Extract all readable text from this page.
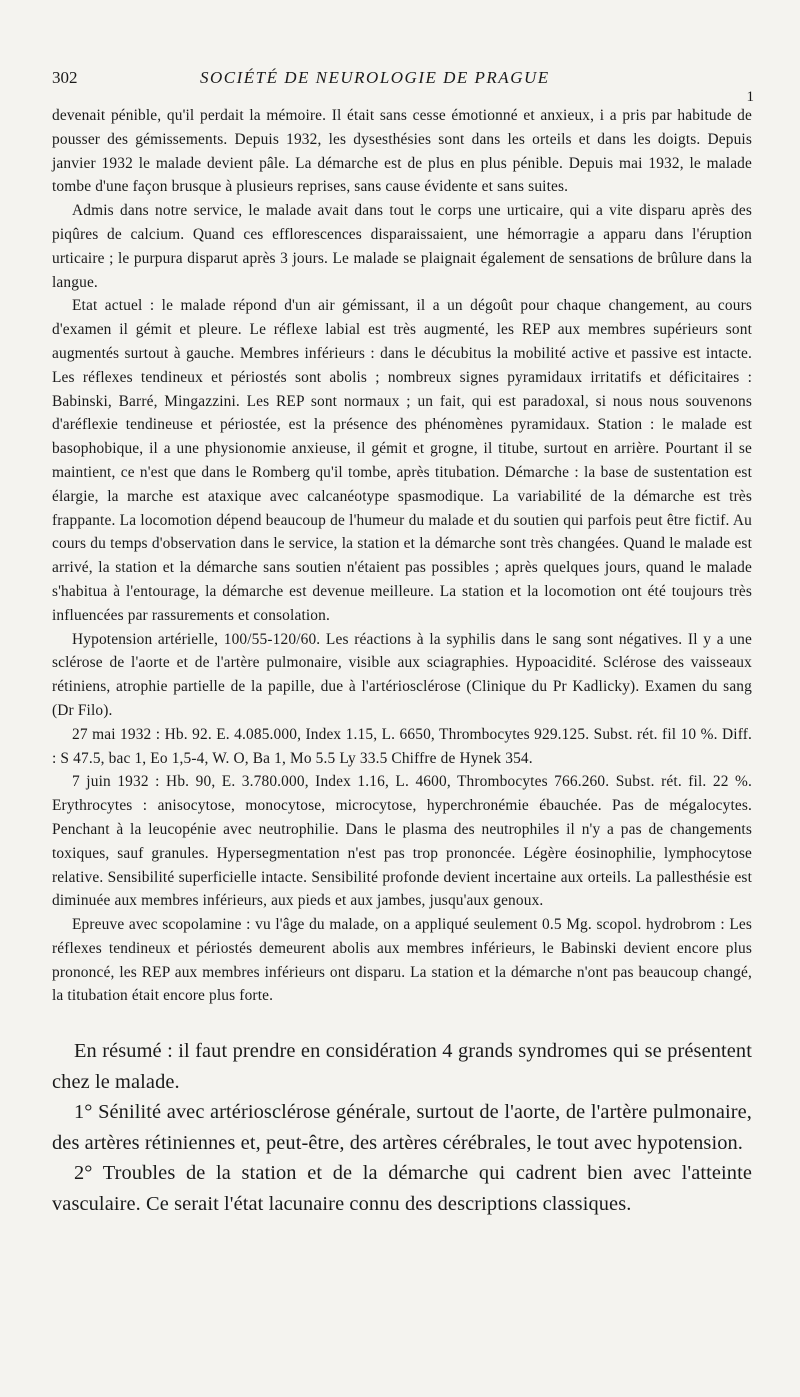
302	SOCIÉTÉ DE NEUROLOGIE DE PRAGUE
1

devenait pénible, qu'il perdait la mémoire. Il était sans cesse émotionné et anxieux, i a pris par habitude de pousser des gémissements. Depuis 1932, les dysesthésies sont dans les orteils et dans les doigts. Depuis janvier 1932 le malade devient pâle. La démarche est de plus en plus pénible. Depuis mai 1932, le malade tombe d'une façon brusque à plusieurs reprises, sans cause évidente et sans suites.

Admis dans notre service, le malade avait dans tout le corps une urticaire, qui a vite disparu après des piqûres de calcium. Quand ces efflorescences disparaissaient, une hémorragie a apparu dans l'éruption urticaire ; le purpura disparut après 3 jours. Le malade se plaignait également de sensations de brûlure dans la langue.

Etat actuel : le malade répond d'un air gémissant, il a un dégoût pour chaque changement, au cours d'examen il gémit et pleure. Le réflexe labial est très augmenté, les REP aux membres supérieurs sont augmentés surtout à gauche. Membres inférieurs : dans le décubitus la mobilité active et passive est intacte. Les réflexes tendineux et périostés sont abolis ; nombreux signes pyramidaux irritatifs et déficitaires : Babinski, Barré, Mingazzini. Les REP sont normaux ; un fait, qui est paradoxal, si nous nous souvenons d'aréflexie tendineuse et périostée, est la présence des phénomènes pyramidaux. Station : le malade est basophobique, il a une physionomie anxieuse, il gémit et grogne, il titube, surtout en arrière. Pourtant il se maintient, ce n'est que dans le Romberg qu'il tombe, après titubation. Démarche : la base de sustentation est élargie, la marche est ataxique avec calcanéotype spasmodique. La variabilité de la démarche est très frappante. La locomotion dépend beaucoup de l'humeur du malade et du soutien qui parfois peut être fictif. Au cours du temps d'observation dans le service, la station et la démarche sont très changées. Quand le malade est arrivé, la station et la démarche sans soutien n'étaient pas possibles ; après quelques jours, quand le malade s'habitua à l'entourage, la démarche est devenue meilleure. La station et la locomotion ont été toujours très influencées par rassurements et consolation.

Hypotension artérielle, 100/55-120/60. Les réactions à la syphilis dans le sang sont négatives. Il y a une sclérose de l'aorte et de l'artère pulmonaire, visible aux sciagraphies. Hypoacidité. Sclérose des vaisseaux rétiniens, atrophie partielle de la papille, due à l'artériosclérose (Clinique du Pr Kadlicky). Examen du sang (Dr Filo).

27 mai 1932 : Hb. 92. E. 4.085.000, Index 1.15, L. 6650, Thrombocytes 929.125. Subst. rét. fil 10 %. Diff. : S 47.5, bac 1, Eo 1,5-4, W. O, Ba 1, Mo 5.5 Ly 33.5 Chiffre de Hynek 354.

7 juin 1932 : Hb. 90, E. 3.780.000, Index 1.16, L. 4600, Thrombocytes 766.260. Subst. rét. fil. 22 %. Erythrocytes : anisocytose, monocytose, microcytose, hyperchronémie ébauchée. Pas de mégalocytes. Penchant à la leucopénie avec neutrophilie. Dans le plasma des neutrophiles il n'y a pas de changements toxiques, sauf granules. Hypersegmentation n'est pas trop prononcée. Légère éosinophilie, lymphocytose relative. Sensibilité superficielle intacte. Sensibilité profonde devient incertaine aux orteils. La pallesthésie est diminuée aux membres inférieurs, aux pieds et aux jambes, jusqu'aux genoux.

Epreuve avec scopolamine : vu l'âge du malade, on a appliqué seulement 0.5 Mg. scopol. hydrobrom : Les réflexes tendineux et périostés demeurent abolis aux membres inférieurs, le Babinski devient encore plus prononcé, les REP aux membres inférieurs ont disparu. La station et la démarche n'ont pas beaucoup changé, la titubation était encore plus forte.

En résumé : il faut prendre en considération 4 grands syndromes qui se présentent chez le malade.

1° Sénilité avec artériosclérose générale, surtout de l'aorte, de l'artère pulmonaire, des artères rétiniennes et, peut-être, des artères cérébrales, le tout avec hypotension.

2° Troubles de la station et de la démarche qui cadrent bien avec l'atteinte vasculaire. Ce serait l'état lacunaire connu des descriptions classiques.
